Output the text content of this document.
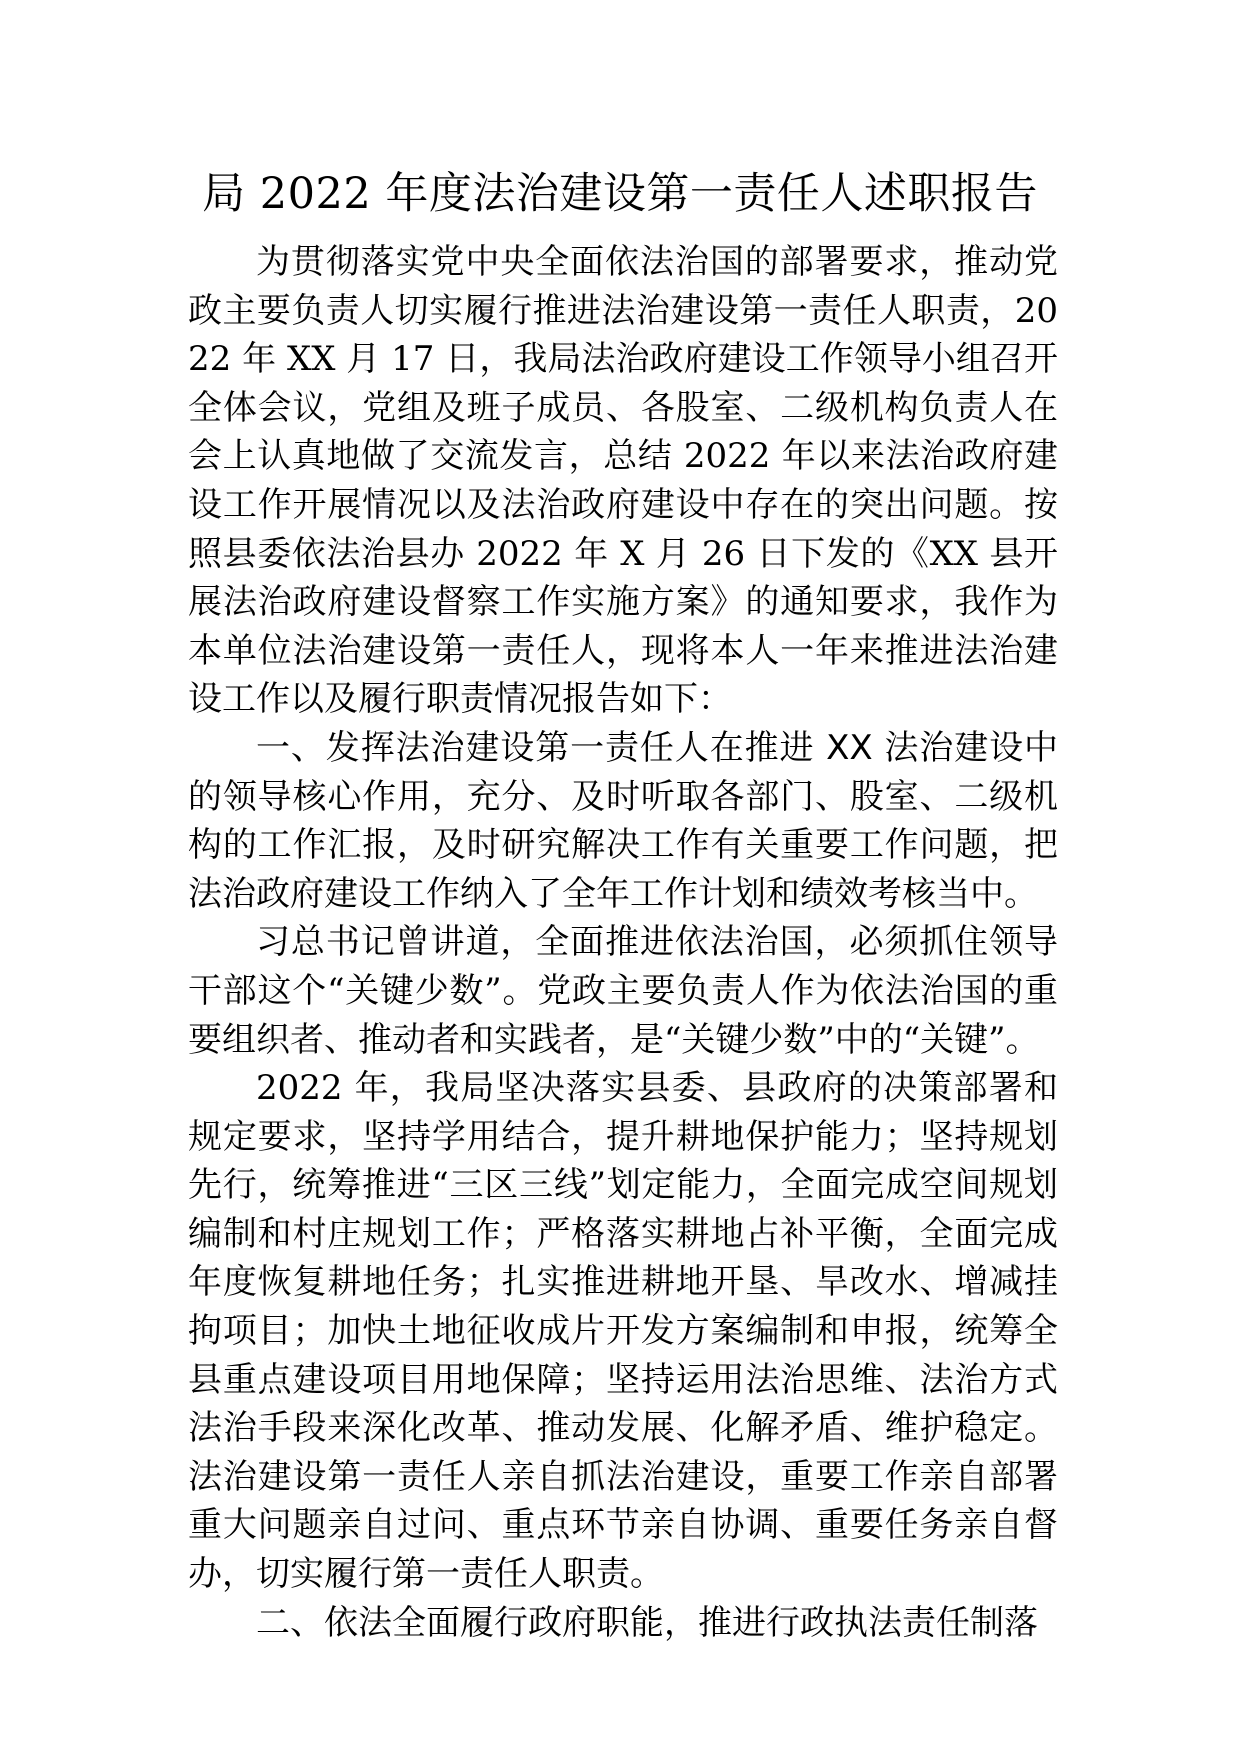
局 2022 年度法治建设第一责任人述职报告

为贯彻落实党中央全面依法治国的部署要求，推动党政主要负责人切实履行推进法治建设第一责任人职责，2022 年 XX 月 17 日，我局法治政府建设工作领导小组召开全体会议，党组及班子成员、各股室、二级机构负责人在会上认真地做了交流发言，总结 2022 年以来法治政府建设工作开展情况以及法治政府建设中存在的突出问题。按照县委依法治县办 2022 年 X 月 26 日下发的《XX 县开展法治政府建设督察工作实施方案》的通知要求，我作为本单位法治建设第一责任人，现将本人一年来推进法治建设工作以及履行职责情况报告如下：

一、发挥法治建设第一责任人在推进 XX 法治建设中的领导核心作用，充分、及时听取各部门、股室、二级机构的工作汇报，及时研究解决工作有关重要工作问题，把法治政府建设工作纳入了全年工作计划和绩效考核当中。

习总书记曾讲道，全面推进依法治国，必须抓住领导干部这个“关键少数”。党政主要负责人作为依法治国的重要组织者、推动者和实践者，是“关键少数”中的“关键”。

2022 年，我局坚决落实县委、县政府的决策部署和规定要求，坚持学用结合，提升耕地保护能力；坚持规划先行，统筹推进“三区三线”划定能力，全面完成空间规划编制和村庄规划工作；严格落实耕地占补平衡，全面完成年度恢复耕地任务；扎实推进耕地开垦、旱改水、增减挂拘项目；加快土地征收成片开发方案编制和申报，统筹全县重点建设项目用地保障；坚持运用法治思维、法治方式法治手段来深化改革、推动发展、化解矛盾、维护稳定。法治建设第一责任人亲自抓法治建设，重要工作亲自部署重大问题亲自过问、重点环节亲自协调、重要任务亲自督办，切实履行第一责任人职责。

二、依法全面履行政府职能，推进行政执法责任制落
